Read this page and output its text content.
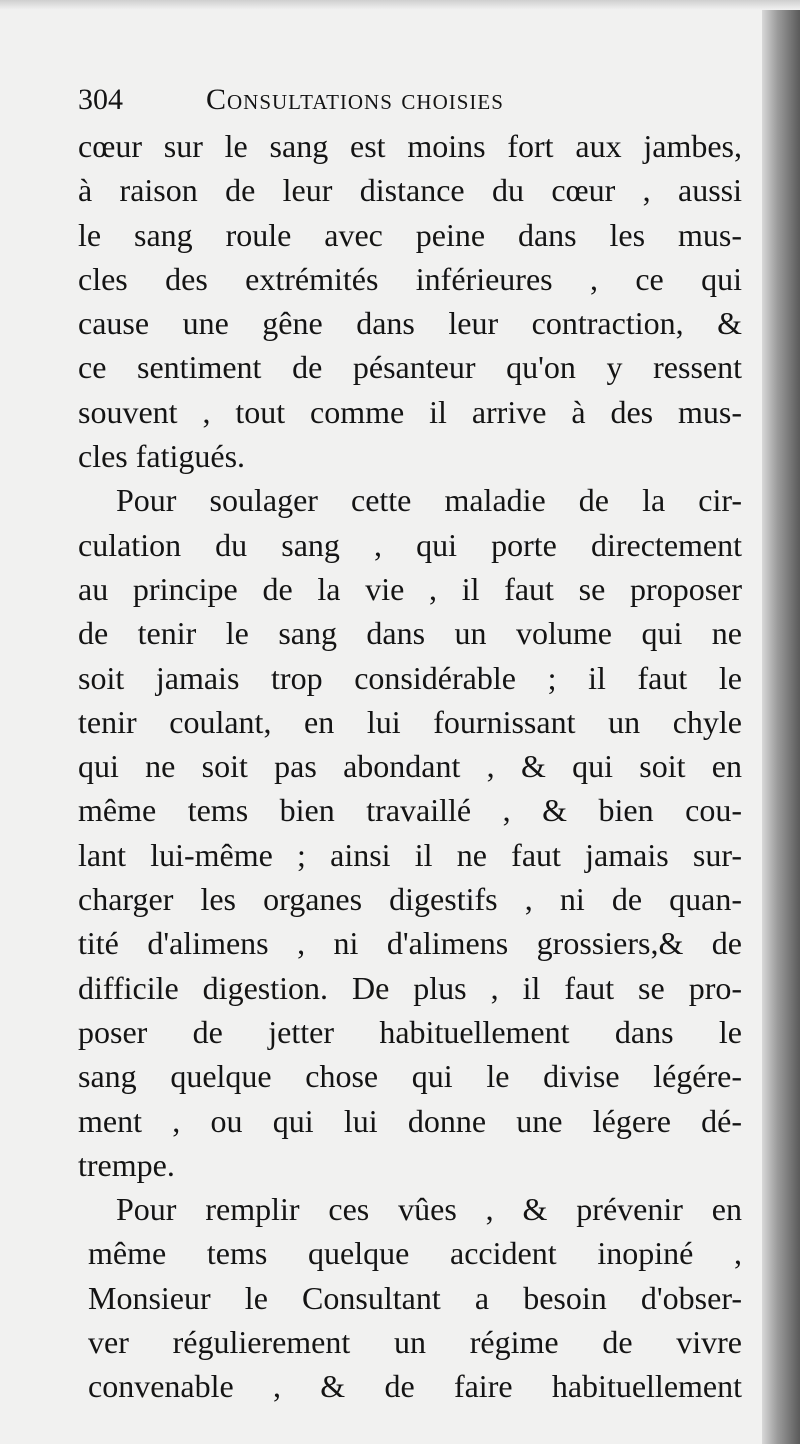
304	Consultations choisies
cœur sur le sang est moins fort aux jambes,
à raison de leur distance du cœur , aussi
le sang roule avec peine dans les mus-
cles des extrémités inférieures , ce qui
cause une gêne dans leur contraction, &
ce sentiment de pésanteur qu'on y ressent
souvent , tout comme il arrive à des mus-
cles fatigués.
Pour soulager cette maladie de la cir-
culation du sang , qui porte directement
au principe de la vie , il faut se proposer
de tenir le sang dans un volume qui ne
soit jamais trop considérable ; il faut le
tenir coulant, en lui fournissant un chyle
qui ne soit pas abondant , & qui soit en
même tems bien travaillé , & bien cou-
lant lui-même ; ainsi il ne faut jamais sur-
charger les organes digestifs , ni de quan-
tité d'alimens , ni d'alimens grossiers,& de
difficile digestion. De plus , il faut se pro-
poser de jetter habituellement dans le
sang quelque chose qui le divise légére-
ment , ou qui lui donne une légere dé-
trempe.
Pour remplir ces vûes , & prévenir en
même tems quelque accident inopiné ,
Monsieur le Consultant a besoin d'obser-
ver régulierement un régime de vivre
convenable , & de faire habituellement
